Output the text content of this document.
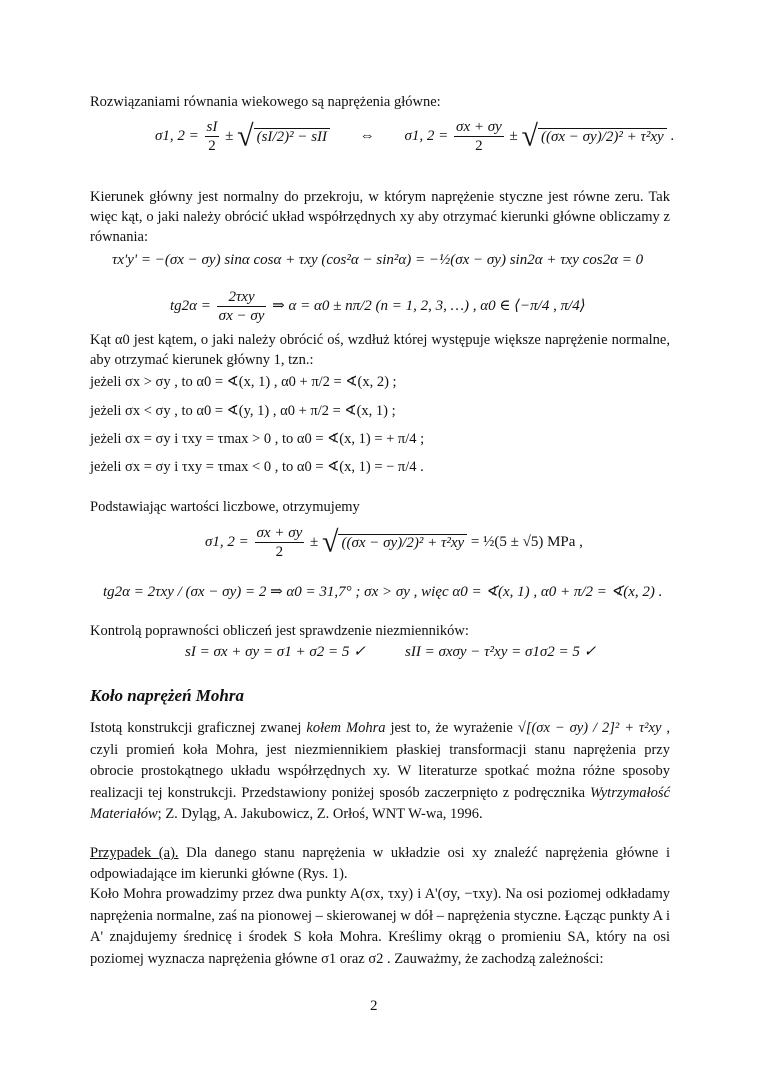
Rozwiązaniami równania wiekowego są naprężenia główne:
σ1, $2 = \frac{sI}{2}$ ± √ (sI/2)² − sII ⇔ σ1, $2 = \frac{\sigma x + \sigma y}{2}$ ± √ ((σx − σy)/2)² + τ²xy .
Kierunek główny jest normalny do przekroju, w którym naprężenie styczne jest równe zeru. Tak więc kąt, o jaki należy obrócić układ współrzędnych xy aby otrzymać kierunki główne obliczamy z równania:
τx'y' = −(σx − σy) sinα cosα + τxy (cos²α − sin²α) = −½(σx − σy) sin2α + τxy cos2α = 0
$tg2\alpha = \frac{\text{2τxy}}{\sigma x - \sigma y}$ ⇒ α = α0 ± nπ/2 (n = 1, 2, 3, …) , α0 ∈ ⟨−π/4 , π/4⟩
Kąt α0 jest kątem, o jaki należy obrócić oś, wzdłuż której występuje większe naprężenie normalne, aby otrzymać kierunek główny 1, tzn.:
jeżeli σx > σy , to α0 = ∢(x, 1) , α0 + π/2 = ∢(x, 2) ;
jeżeli σx < σy , to α0 = ∢(y, 1) , α0 + π/2 = ∢(x, 1) ;
jeżeli σx = σy i τxy = τmax > 0 , to α0 = ∢(x, 1) = + π/4 ;
jeżeli σx = σy i τxy = τmax < 0 , to α0 = ∢(x, 1) = − π/4 .
Podstawiając wartości liczbowe, otrzymujemy
σ1, $2 = \frac{\sigma x + \sigma y}{2}$ ± √ ((σx − σy)/2)² + τ²xy = ½(5 ± √5) MPa ,
tg2α = 2τxy / (σx − σy) = 2 ⇒ α0 = 31,7° ; σx > σy , więc α0 = ∢(x, 1) , α0 + π/2 = ∢(x, 2) .
Kontrolą poprawności obliczeń jest sprawdzenie niezmienników:
sI = σx + σy = σ1 + σ2 = 5 ✓	sII = σxσy − τ²xy = σ1σ2 = 5 ✓
Koło naprężeń Mohra
Istotą konstrukcji graficznej zwanej kołem Mohra jest to, że wyrażenie √[(σx − σy) / 2]² + τ²xy , czyli promień koła Mohra, jest niezmiennikiem płaskiej transformacji stanu naprężenia przy obrocie prostokątnego układu współrzędnych xy. W literaturze spotkać można różne sposoby realizacji tej konstrukcji. Przedstawiony poniżej sposób zaczerpnięto z podręcznika Wytrzymałość Materiałów; Z. Dyląg, A. Jakubowicz, Z. Orłoś, WNT W-wa, 1996.
Przypadek (a). Dla danego stanu naprężenia w układzie osi xy znaleźć naprężenia główne i odpowiadające im kierunki główne (Rys. 1).
Koło Mohra prowadzimy przez dwa punkty A(σx, τxy) i A'(σy, −τxy). Na osi poziomej odkładamy naprężenia normalne, zaś na pionowej – skierowanej w dół – naprężenia styczne. Łącząc punkty A i A' znajdujemy średnicę i środek S koła Mohra. Kreślimy okrąg o promieniu SA, który na osi poziomej wyznacza naprężenia główne σ1 oraz σ2 . Zauważmy, że zachodzą zależności:
2
